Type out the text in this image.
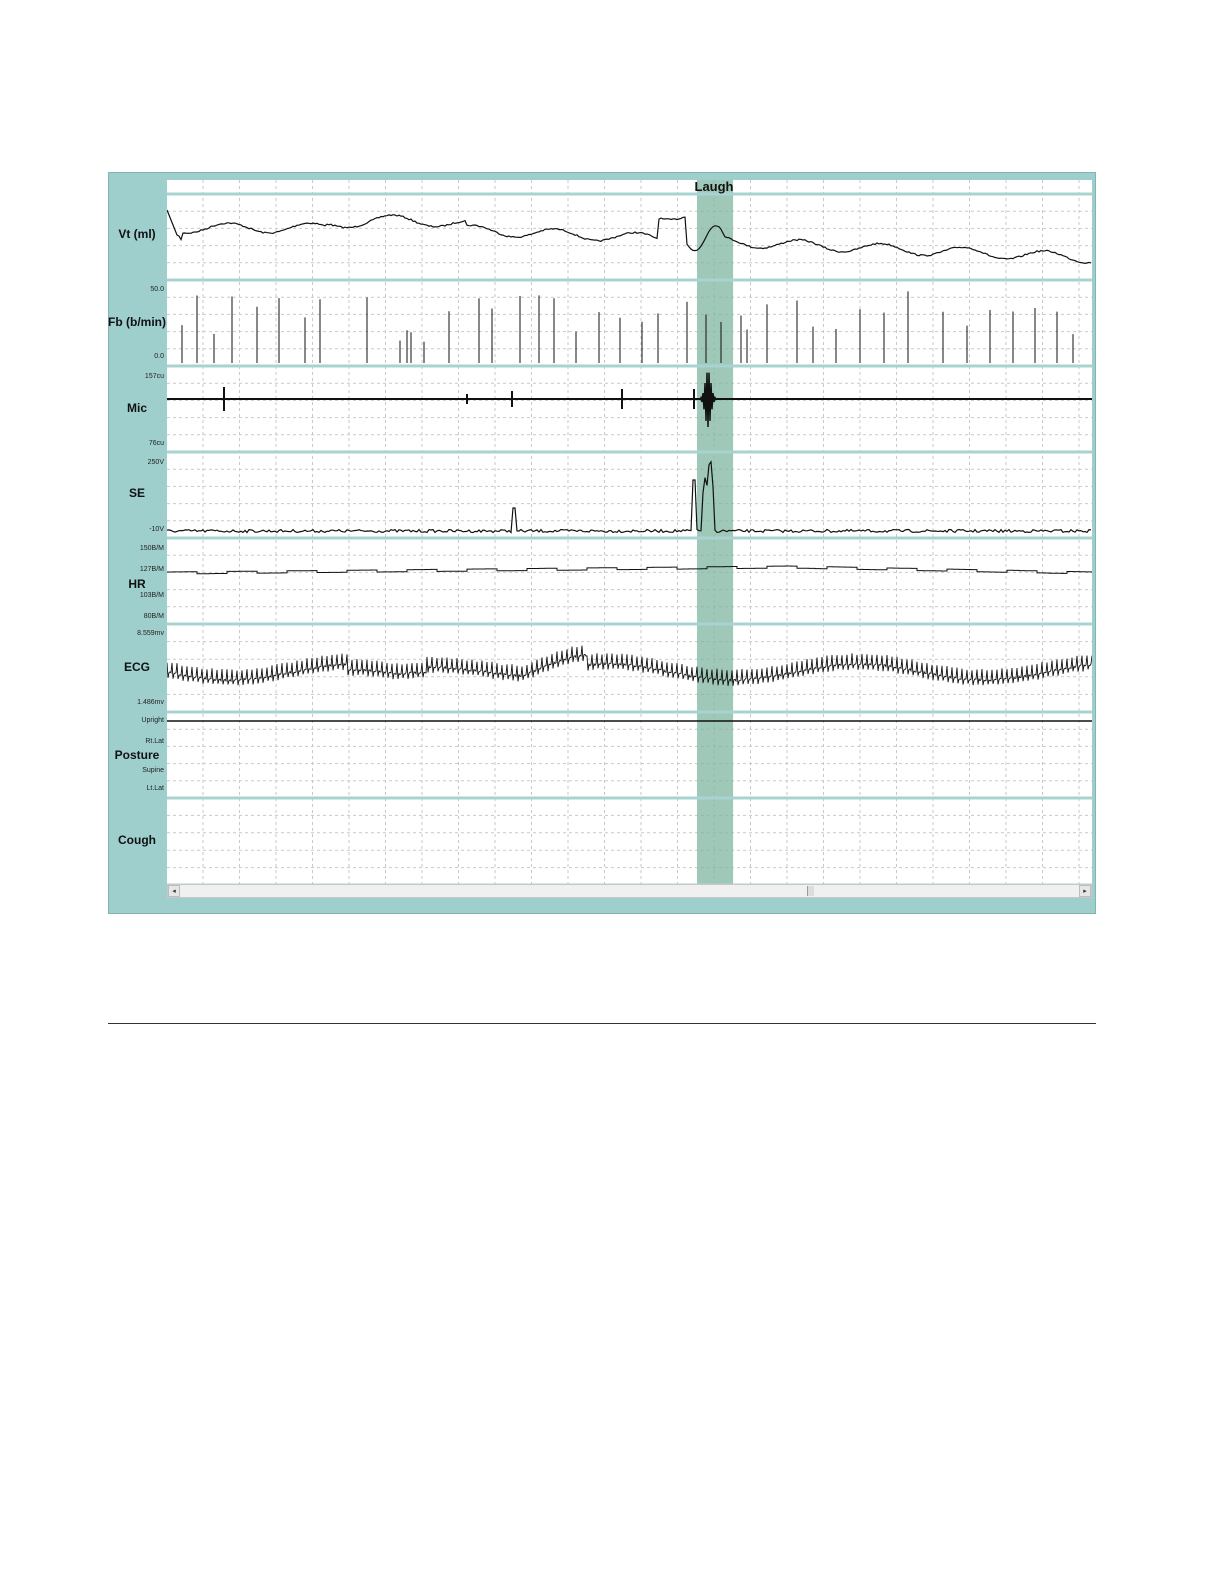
Laugh
Vt (ml)
Fb (b/min)
Mic
SE
HR
ECG
Posture
Cough
50.0
0.0
157cu
76cu
250V
-10V
150B/M
127B/M
103B/M
80B/M
8.559mv
1.486mv
Upright
Rt.Lat
Supine
Lt.Lat
◂	▸
